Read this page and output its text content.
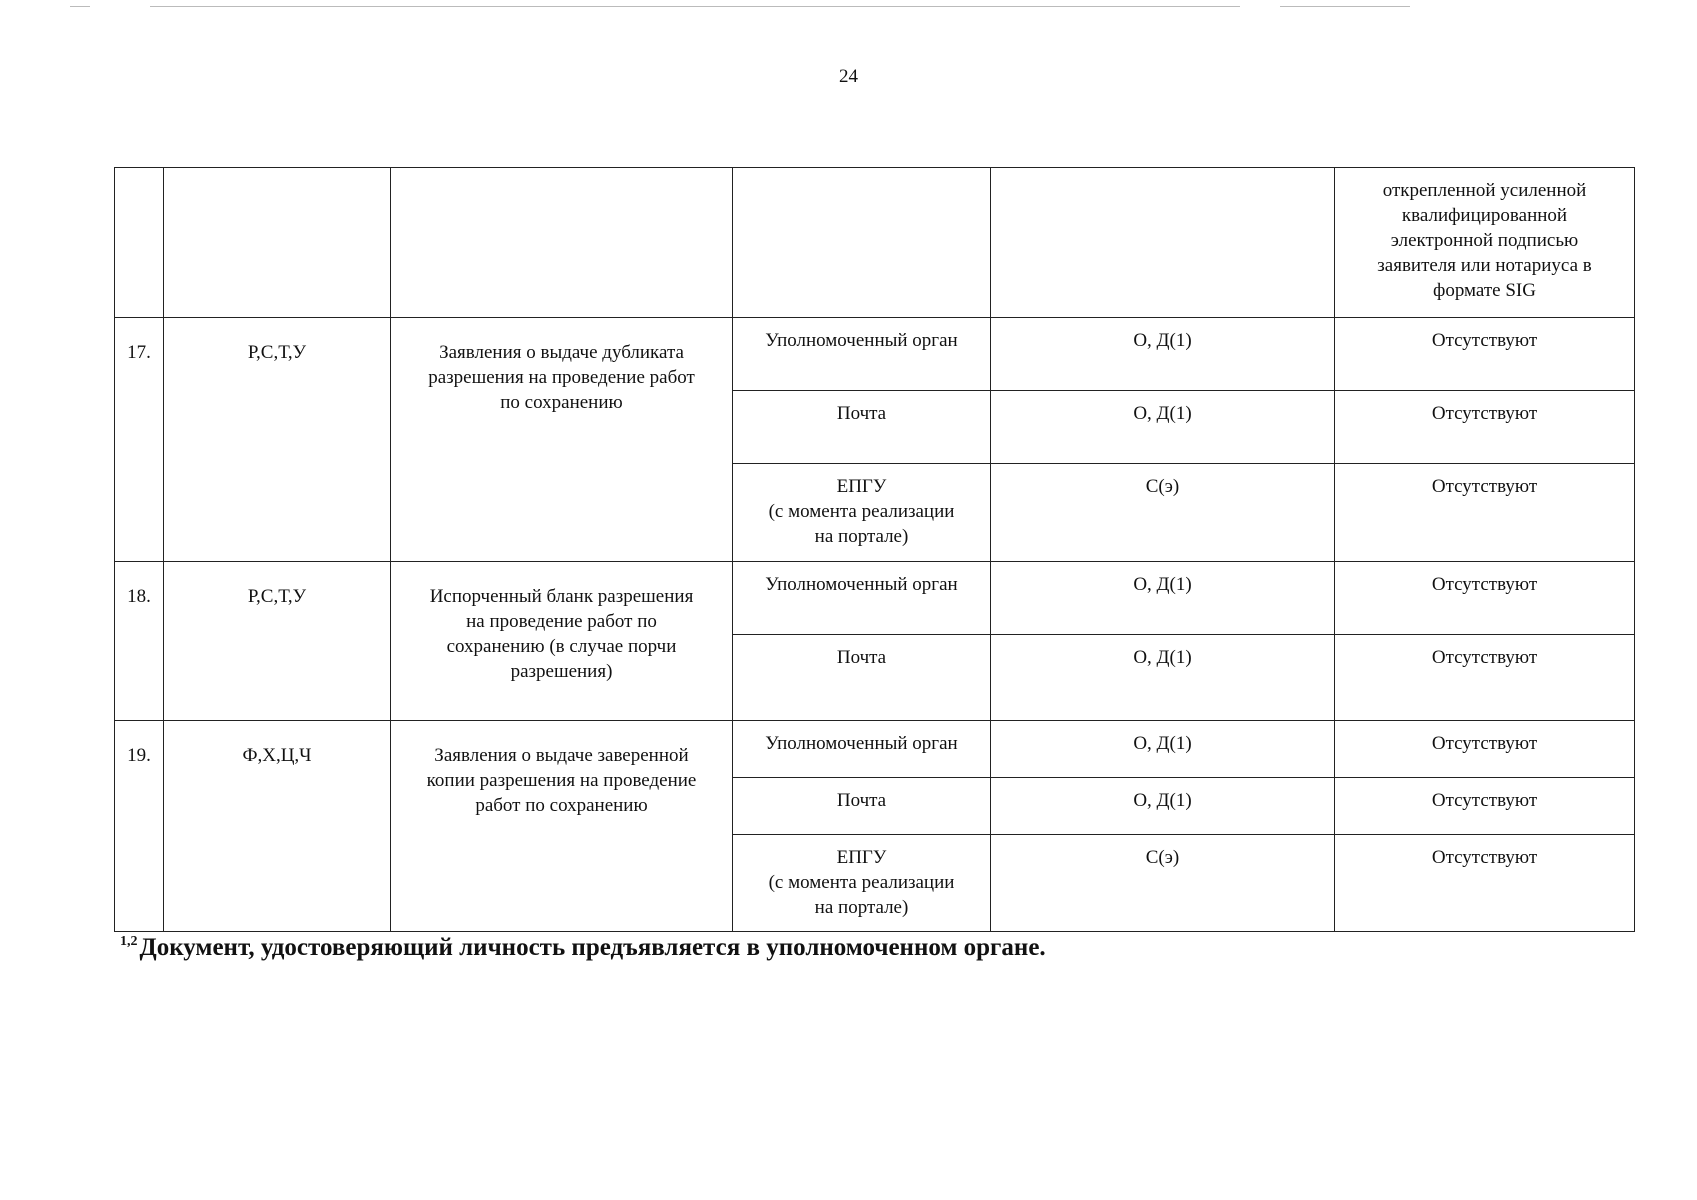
24

					открепленной усиленной
квалифицированной
электронной подписью
заявителя или нотариуса в
формате SIG

17.	Р,С,Т,У	Заявления о выдаче дубликата
разрешения на проведение работ
по сохранению	Уполномоченный орган	О, Д(1)	Отсутствуют

			Почта	О, Д(1)	Отсутствуют

			ЕПГУ
(с момента реализации
на портале)	С(э)	Отсутствуют
18.	Р,С,Т,У	Испорченный бланк разрешения
на проведение работ по
сохранению (в случае порчи
разрешения)	Уполномоченный орган	О, Д(1)	Отсутствуют

			Почта	О, Д(1)	Отсутствуют
19.	Ф,Х,Ц,Ч	Заявления о выдаче заверенной
копии разрешения на проведение
работ по сохранению	Уполномоченный орган	О, Д(1)	Отсутствуют

			Почта	О, Д(1)	Отсутствуют

			ЕПГУ
(с момента реализации
на портале)	С(э)	Отсутствуют
$^{1,2}$Документ, удостоверяющий личность предъявляется в уполномоченном органе.
